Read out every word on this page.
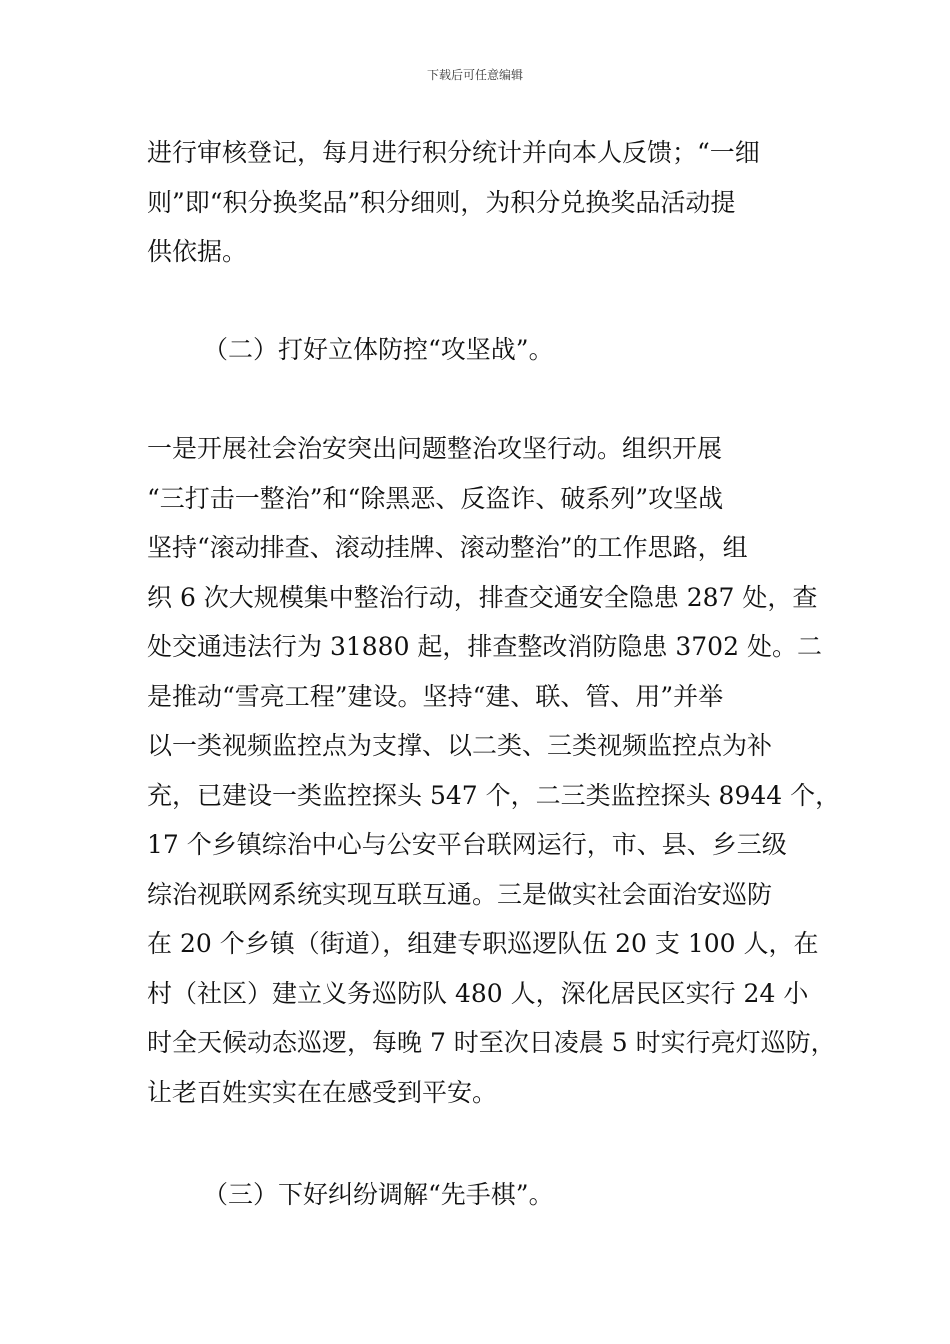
下载后可任意编辑
进行审核登记，每月进行积分统计并向本人反馈；“一细
则”即“积分换奖品”积分细则，为积分兑换奖品活动提
供依据。
（二）打好立体防控“攻坚战”。
一是开展社会治安突出问题整治攻坚行动。组织开展
“三打击一整治”和“除黑恶、反盗诈、破系列”攻坚战
坚持“滚动排查、滚动挂牌、滚动整治”的工作思路，组
织 6 次大规模集中整治行动，排查交通安全隐患 287 处，查
处交通违法行为 31880 起，排查整改消防隐患 3702 处。二
是推动“雪亮工程”建设。坚持“建、联、管、用”并举
以一类视频监控点为支撑、以二类、三类视频监控点为补
充，已建设一类监控探头 547 个，二三类监控探头 8944 个，
17 个乡镇综治中心与公安平台联网运行，市、县、乡三级
综治视联网系统实现互联互通。三是做实社会面治安巡防
在 20 个乡镇（街道），组建专职巡逻队伍 20 支 100 人，在
村（社区）建立义务巡防队 480 人，深化居民区实行 24 小
时全天候动态巡逻，每晚 7 时至次日凌晨 5 时实行亮灯巡防，
让老百姓实实在在感受到平安。
（三）下好纠纷调解“先手棋”。
